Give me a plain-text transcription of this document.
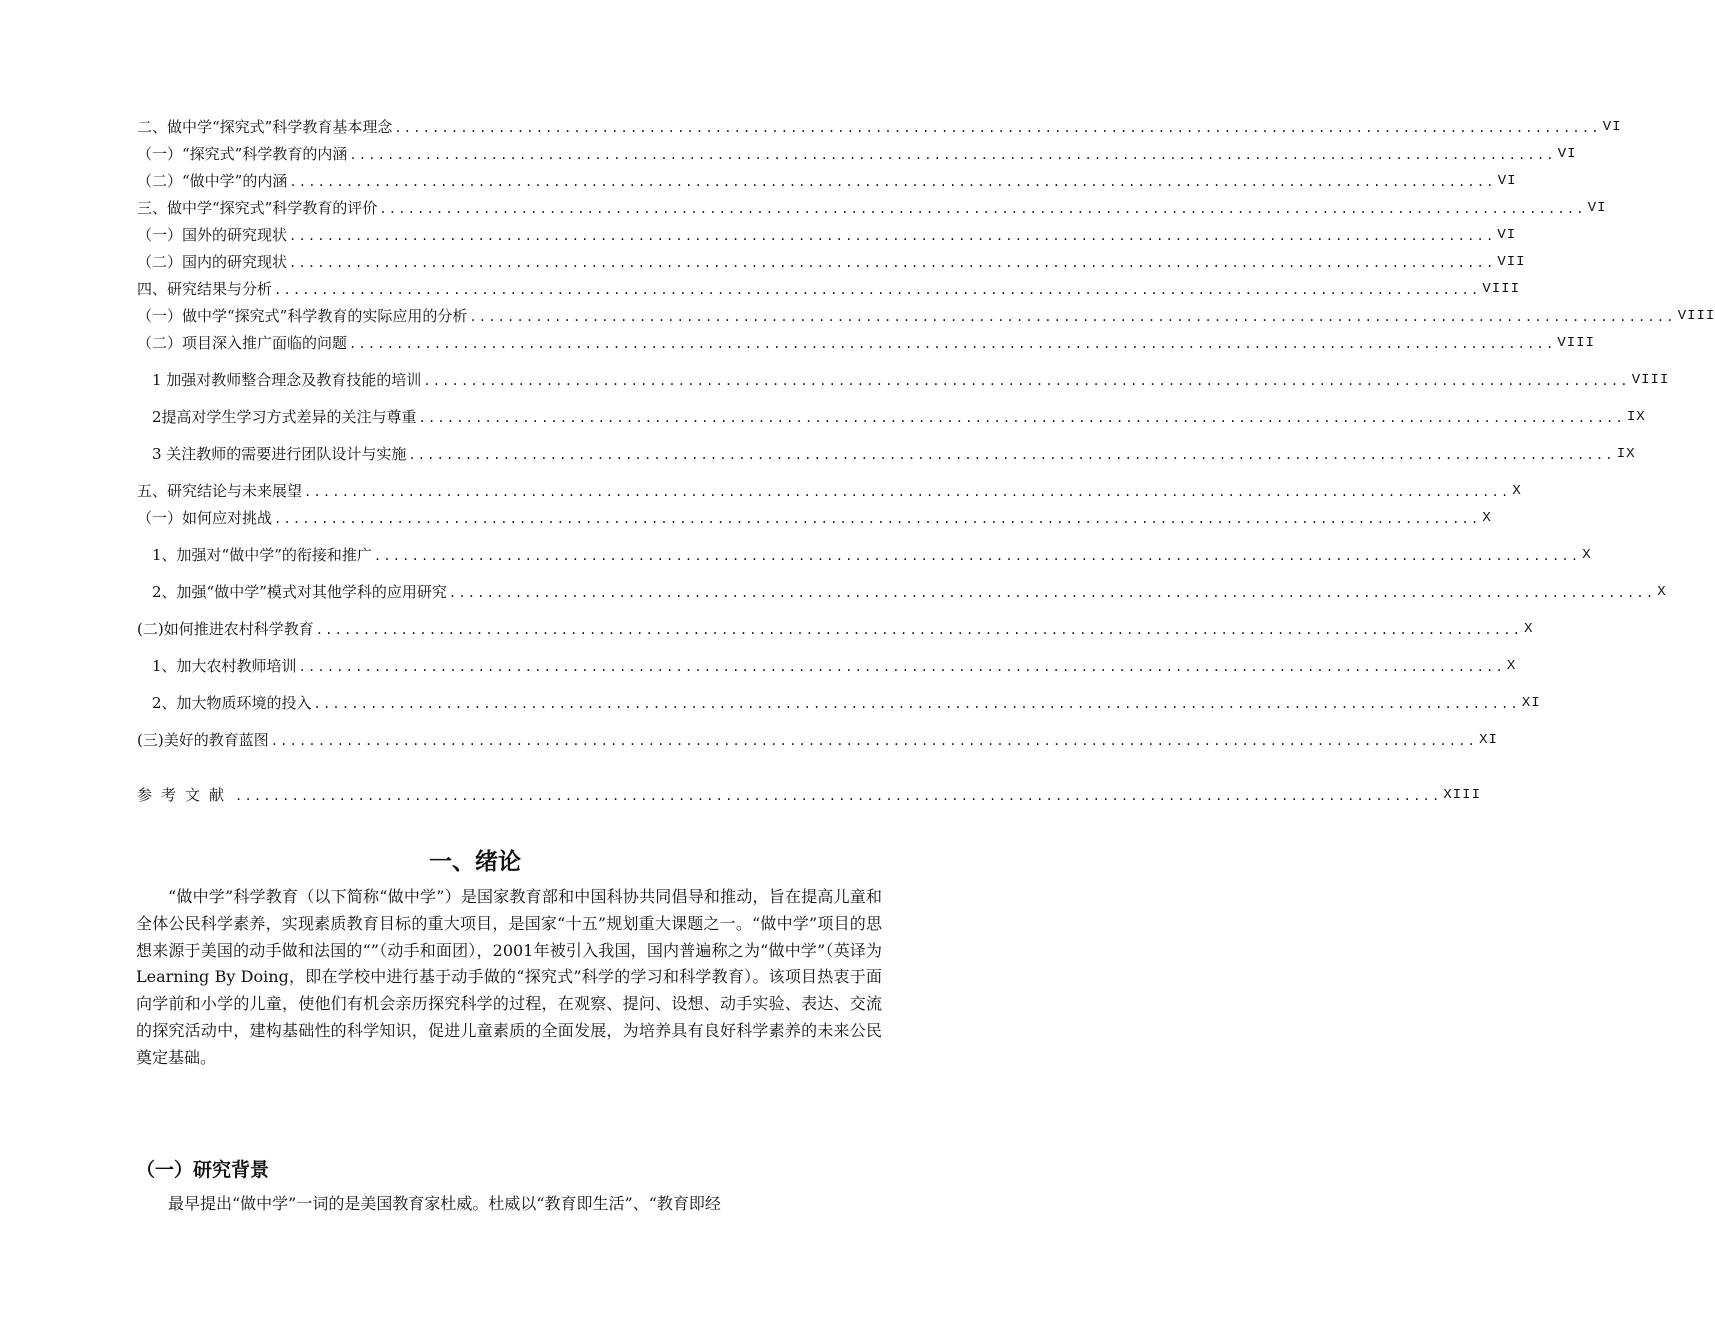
二、做中学“探究式”科学教育基本理念 ................................................................................................................................ VI
（一）“探究式”科学教育的内涵 ................................................................................................................................ VI
（二）“做中学”的内涵 ................................................................................................................................ VI
三、做中学“探究式”科学教育的评价 ................................................................................................................................ VI
（一）国外的研究现状 ................................................................................................................................ VI
（二）国内的研究现状 ................................................................................................................................ VII
四、研究结果与分析 ................................................................................................................................ VIII
（一）做中学“探究式”科学教育的实际应用的分析 ................................................................................................................................ VIII
（二）项目深入推广面临的问题 ................................................................................................................................ VIII
1 加强对教师整合理念及教育技能的培训 ................................................................................................................................ VIII
2提高对学生学习方式差异的关注与尊重 ................................................................................................................................ IX
3 关注教师的需要进行团队设计与实施 ................................................................................................................................ IX
五、研究结论与未来展望 ................................................................................................................................ X
（一）如何应对挑战 ................................................................................................................................ X
1、加强对“做中学”的衔接和推广 ................................................................................................................................ X
2、加强“做中学”模式对其他学科的应用研究 ................................................................................................................................ X
(二)如何推进农村科学教育 ................................................................................................................................ X
1、加大农村教师培训 ................................................................................................................................ X
2、加大物质环境的投入 ................................................................................................................................ XI
(三)美好的教育蓝图 ................................................................................................................................ XI
参考文献 ................................................................................................................................ XIII
一、绪论

“做中学”科学教育（以下简称“做中学”）是国家教育部和中国科协共同倡导和推动，旨在提高儿童和全体公民科学素养，实现素质教育目标的重大项目，是国家“十五”规划重大课题之一。“做中学”项目的思想来源于美国的动手做和法国的“”（动手和面团），2001年被引入我国，国内普遍称之为“做中学”（英译为Learning By Doing，即在学校中进行基于动手做的“探究式”科学的学习和科学教育）。该项目热衷于面向学前和小学的儿童，使他们有机会亲历探究科学的过程，在观察、提问、设想、动手实验、表达、交流的探究活动中，建构基础性的科学知识，促进儿童素质的全面发展，为培养具有良好科学素养的未来公民奠定基础。

（一）研究背景

最早提出“做中学”一词的是美国教育家杜威。杜威以“教育即生活”、“教育即经
